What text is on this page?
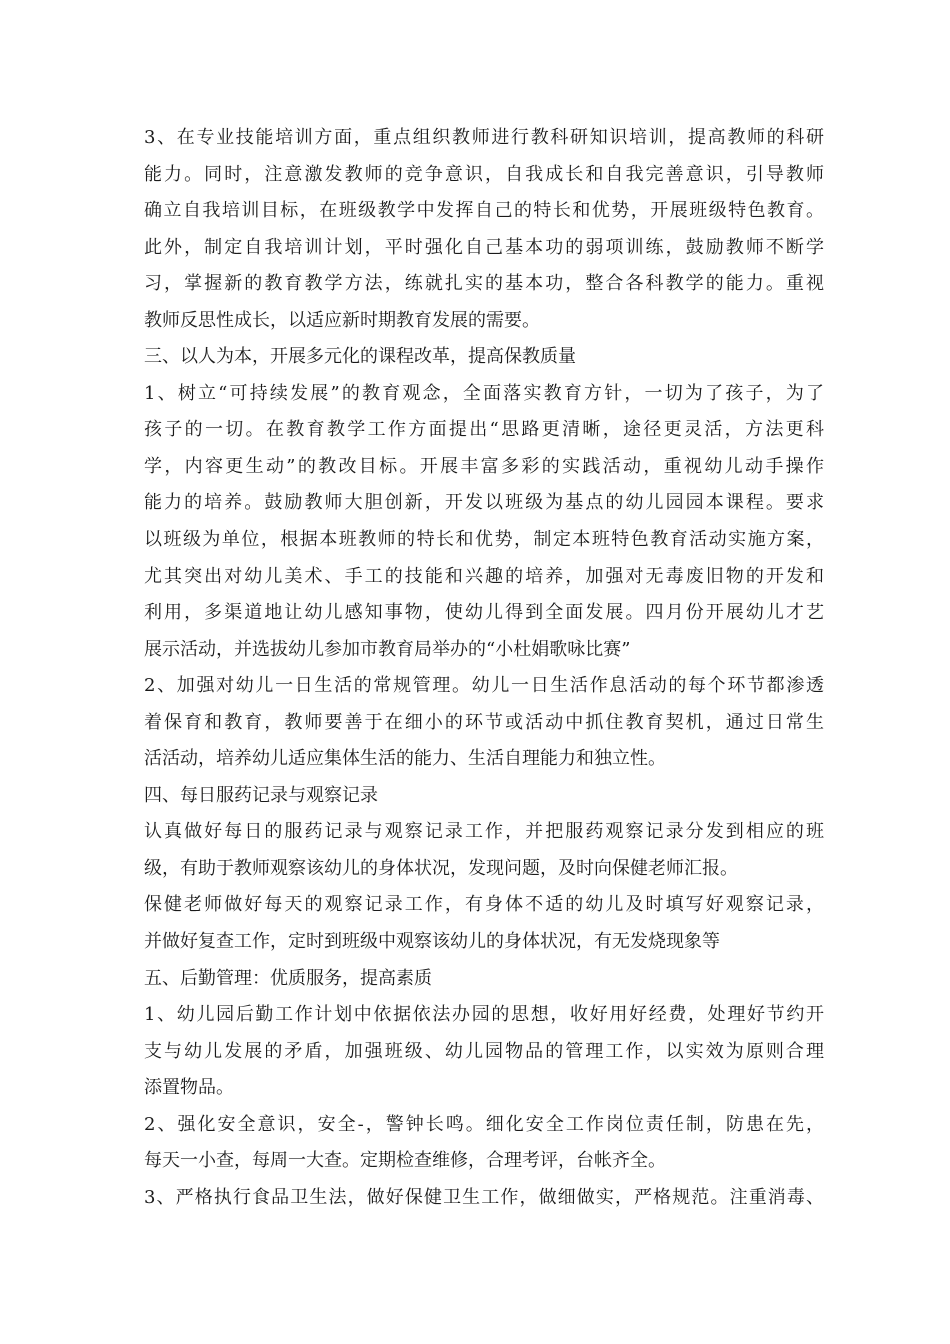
3、在专业技能培训方面，重点组织教师进行教科研知识培训，提高教师的科研
能力。同时，注意激发教师的竞争意识，自我成长和自我完善意识，引导教师
确立自我培训目标，在班级教学中发挥自己的特长和优势，开展班级特色教育。
此外，制定自我培训计划，平时强化自己基本功的弱项训练，鼓励教师不断学
习，掌握新的教育教学方法，练就扎实的基本功，整合各科教学的能力。重视
教师反思性成长，以适应新时期教育发展的需要。
三、以人为本，开展多元化的课程改革，提高保教质量
1、树立“可持续发展”的教育观念，全面落实教育方针，一切为了孩子，为了
孩子的一切。在教育教学工作方面提出“思路更清晰，途径更灵活，方法更科
学，内容更生动”的教改目标。开展丰富多彩的实践活动，重视幼儿动手操作
能力的培养。鼓励教师大胆创新，开发以班级为基点的幼儿园园本课程。要求
以班级为单位，根据本班教师的特长和优势，制定本班特色教育活动实施方案，
尤其突出对幼儿美术、手工的技能和兴趣的培养，加强对无毒废旧物的开发和
利用，多渠道地让幼儿感知事物，使幼儿得到全面发展。四月份开展幼儿才艺
展示活动，并选拔幼儿参加市教育局举办的“小杜娟歌咏比赛”
2、加强对幼儿一日生活的常规管理。幼儿一日生活作息活动的每个环节都渗透
着保育和教育，教师要善于在细小的环节或活动中抓住教育契机，通过日常生
活活动，培养幼儿适应集体生活的能力、生活自理能力和独立性。
四、每日服药记录与观察记录
认真做好每日的服药记录与观察记录工作，并把服药观察记录分发到相应的班
级，有助于教师观察该幼儿的身体状况，发现问题，及时向保健老师汇报。
保健老师做好每天的观察记录工作，有身体不适的幼儿及时填写好观察记录，
并做好复查工作，定时到班级中观察该幼儿的身体状况，有无发烧现象等
五、后勤管理：优质服务，提高素质
1、幼儿园后勤工作计划中依据依法办园的思想，收好用好经费，处理好节约开
支与幼儿发展的矛盾，加强班级、幼儿园物品的管理工作，以实效为原则合理
添置物品。
2、强化安全意识，安全-，警钟长鸣。细化安全工作岗位责任制，防患在先，
每天一小查，每周一大查。定期检查维修，合理考评，台帐齐全。
3、严格执行食品卫生法，做好保健卫生工作，做细做实，严格规范。注重消毒、
